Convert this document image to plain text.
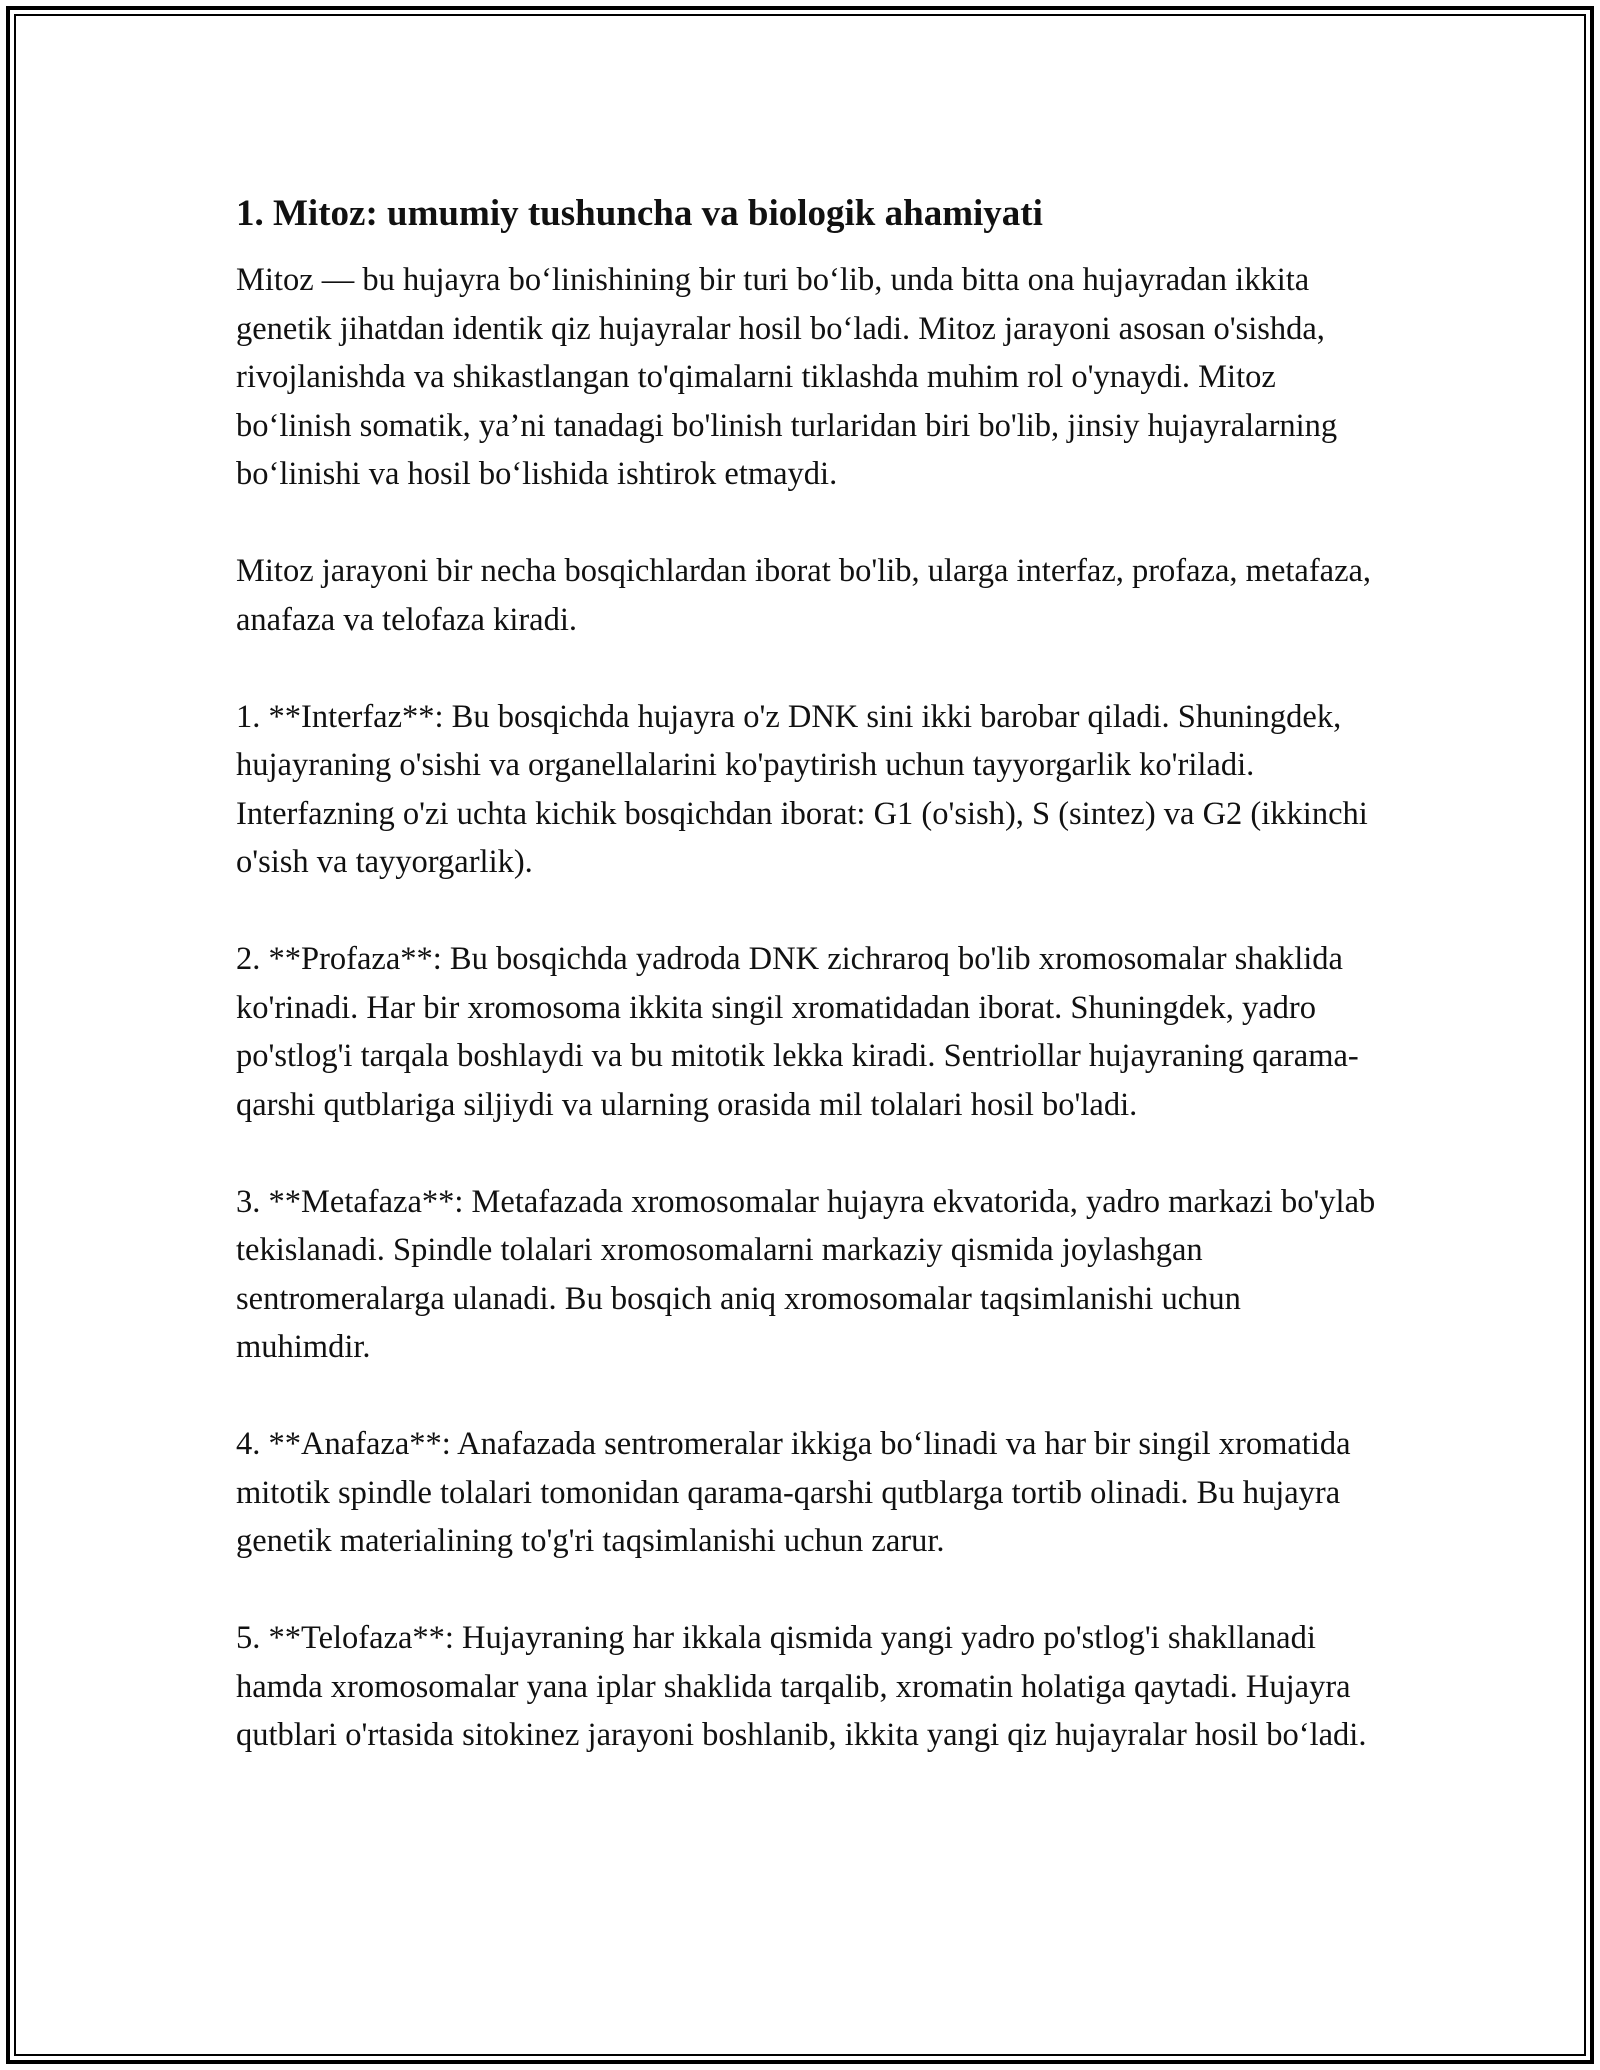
1. Mitoz: umumiy tushuncha va biologik ahamiyati

Mitoz — bu hujayra bo‘linishining bir turi bo‘lib, unda bitta ona hujayradan ikkita genetik jihatdan identik qiz hujayralar hosil bo‘ladi. Mitoz jarayoni asosan o'sishda, rivojlanishda va shikastlangan to'qimalarni tiklashda muhim rol o'ynaydi. Mitoz bo‘linish somatik, ya’ni tanadagi bo'linish turlaridan biri bo'lib, jinsiy hujayralarning bo‘linishi va hosil bo‘lishida ishtirok etmaydi.

Mitoz jarayoni bir necha bosqichlardan iborat bo'lib, ularga interfaz, profaza, metafaza, anafaza va telofaza kiradi.

1. **Interfaz**: Bu bosqichda hujayra o'z DNK sini ikki barobar qiladi. Shuningdek, hujayraning o'sishi va organellalarini ko'paytirish uchun tayyorgarlik ko'riladi. Interfazning o'zi uchta kichik bosqichdan iborat: G1 (o'sish), S (sintez) va G2 (ikkinchi o'sish va tayyorgarlik).

2. **Profaza**: Bu bosqichda yadroda DNK zichraroq bo'lib xromosomalar shaklida ko'rinadi. Har bir xromosoma ikkita singil xromatidadan iborat. Shuningdek, yadro po'stlog'i tarqala boshlaydi va bu mitotik lekka kiradi. Sentriollar hujayraning qarama-qarshi qutblariga siljiydi va ularning orasida mil tolalari hosil bo'ladi.

3. **Metafaza**: Metafazada xromosomalar hujayra ekvatorida, yadro markazi bo'ylab tekislanadi. Spindle tolalari xromosomalarni markaziy qismida joylashgan sentromeralarga ulanadi. Bu bosqich aniq xromosomalar taqsimlanishi uchun muhimdir.

4. **Anafaza**: Anafazada sentromeralar ikkiga bo‘linadi va har bir singil xromatida mitotik spindle tolalari tomonidan qarama-qarshi qutblarga tortib olinadi. Bu hujayra genetik materialining to'g'ri taqsimlanishi uchun zarur.

5. **Telofaza**: Hujayraning har ikkala qismida yangi yadro po'stlog'i shakllanadi hamda xromosomalar yana iplar shaklida tarqalib, xromatin holatiga qaytadi. Hujayra qutblari o'rtasida sitokinez jarayoni boshlanib, ikkita yangi qiz hujayralar hosil bo‘ladi.
